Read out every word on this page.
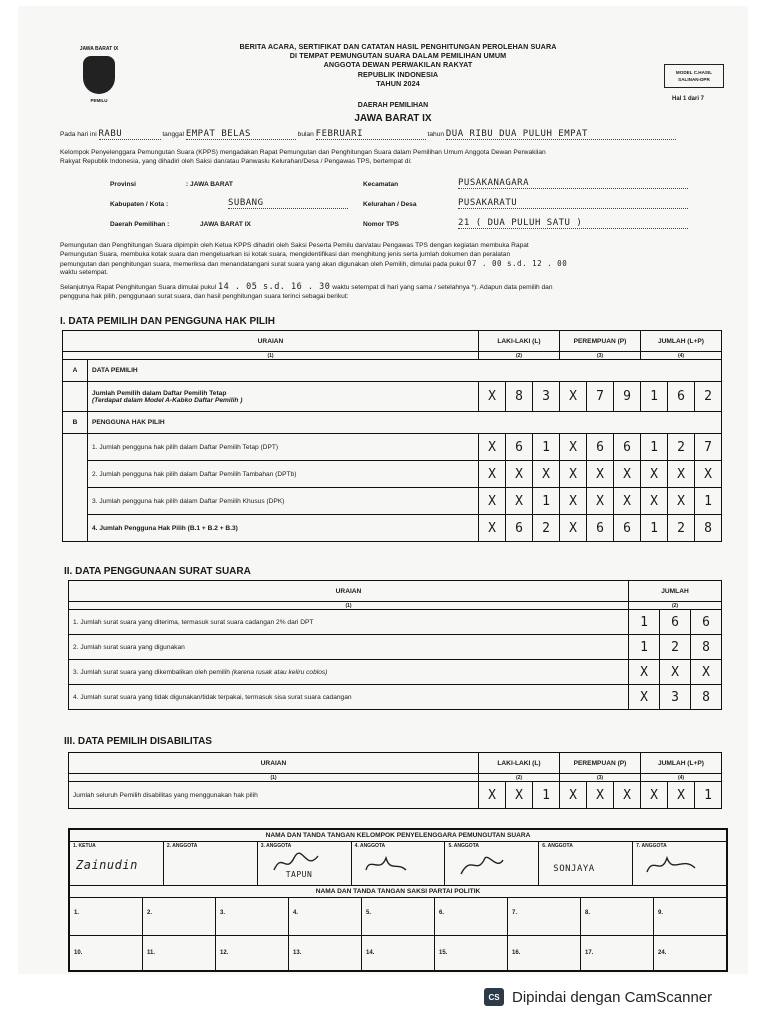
JAWA BARAT IX
PEMILU
BERITA ACARA, SERTIFIKAT DAN CATATAN HASIL PENGHITUNGAN PEROLEHAN SUARA
DI TEMPAT PEMUNGUTAN SUARA DALAM PEMILIHAN UMUM
ANGGOTA DEWAN PERWAKILAN RAKYAT
REPUBLIK INDONESIA
TAHUN 2024
MODEL C.HASIL
SALINAN-DPR
Hal 1 dari 7
DAERAH PEMILIHAN
JAWA BARAT IX
Pada hari ini RABU	tanggal EMPAT BELAS	bulan FEBRUARI	tahun DUA RIBU DUA PULUH EMPAT
Kelompok Penyelenggara Pemungutan Suara (KPPS) mengadakan Rapat Pemungutan dan Penghitungan Suara dalam Pemilihan Umum Anggota Dewan Perwakilan
Rakyat Republik Indonesia, yang dihadiri oleh Saksi dan/atau Panwaslu Kelurahan/Desa / Pengawas TPS, bertempat di:
Provinsi	: JAWA BARAT
Kabupaten / Kota :	SUBANG
Daerah Pemilihan :	JAWA BARAT IX
Kecamatan	PUSAKANAGARA
Kelurahan / Desa	PUSAKARATU
Nomor TPS	21 ( DUA PULUH SATU )
Pemungutan dan Penghitungan Suara dipimpin oleh Ketua KPPS dihadiri oleh Saksi Peserta Pemilu dan/atau Pengawas TPS dengan kegiatan membuka Rapat
Pemungutan Suara, membuka kotak suara dan mengeluarkan isi kotak suara, mengidentifikasi dan menghitung jenis serta jumlah dokumen dan peralatan
pemungutan dan penghitungan suara, memeriksa dan menandatangani surat suara yang akan digunakan oleh Pemilih, dimulai pada pukul 07 . 00 s.d. 12 . 00
waktu setempat.
Selanjutnya Rapat Penghitungan Suara dimulai pukul 14 . 05 s.d. 16 . 30 waktu setempat di hari yang sama / setelahnya *). Adapun data pemilih dan
pengguna hak pilih, penggunaan surat suara, dan hasil penghitungan suara terinci sebagai berikut:
I. DATA PEMILIH DAN PENGGUNA HAK PILIH
URAIAN		LAKI-LAKI (L)			PEREMPUAN (P)			JUMLAH (L+P)		
(1)		(2)			(3)			(4)		
A	DATA PEMILIH									

	Jumlah Pemilih dalam Daftar Pemilih Tetap
(Terdapat dalam Model A-Kabko Daftar Pemilih )	X	8	3	X	7	9	1	6	2
B	PENGGUNA HAK PILIH									
	1. Jumlah pengguna hak pilih dalam Daftar Pemilih Tetap (DPT)	X	6	1	X	6	6	1	2	7
	2. Jumlah pengguna hak pilih dalam Daftar Pemilih Tambahan (DPTb)	X	X	X	X	X	X	X	X	X
	3. Jumlah pengguna hak pilih dalam Daftar Pemilih Khusus (DPK)	X	X	1	X	X	X	X	X	1
	4. Jumlah Pengguna Hak Pilih (B.1 + B.2 + B.3)	X	6	2	X	6	6	1	2	8
II. DATA PENGGUNAAN SURAT SUARA
URAIAN	JUMLAH		
(1)	(2)		
1. Jumlah surat suara yang diterima, termasuk surat suara cadangan 2% dari DPT	1	6	6
2. Jumlah surat suara yang digunakan	1	2	8
3. Jumlah surat suara yang dikembalikan oleh pemilih (karena rusak atau keliru coblos)	X	X	X
4. Jumlah surat suara yang tidak digunakan/tidak terpakai, termasuk sisa surat suara cadangan	X	3	8
III. DATA PEMILIH DISABILITAS
URAIAN	LAKI-LAKI (L)			PEREMPUAN (P)			JUMLAH (L+P)		
(1)	(2)			(3)			(4)		
Jumlah seluruh Pemilih disabilitas yang menggunakan hak pilih	X	X	1	X	X	X	X	X	1
NAMA DAN TANDA TANGAN KELOMPOK PENYELENGGARA PEMUNGUTAN SUARA
1. KETUA
Zainudin
2. ANGGOTA	3. ANGGOTA
TAPUN
4. ANGGOTA	5. ANGGOTA	6. ANGGOTA
SONJAYA
7. ANGGOTA
NAMA DAN TANDA TANGAN SAKSI PARTAI POLITIK
1.	2.	3.	4.	5.	6.	7.	8.	9.
10.	11.	12.	13.	14.	15.	16.	17.	24.
CS Dipindai dengan CamScanner
